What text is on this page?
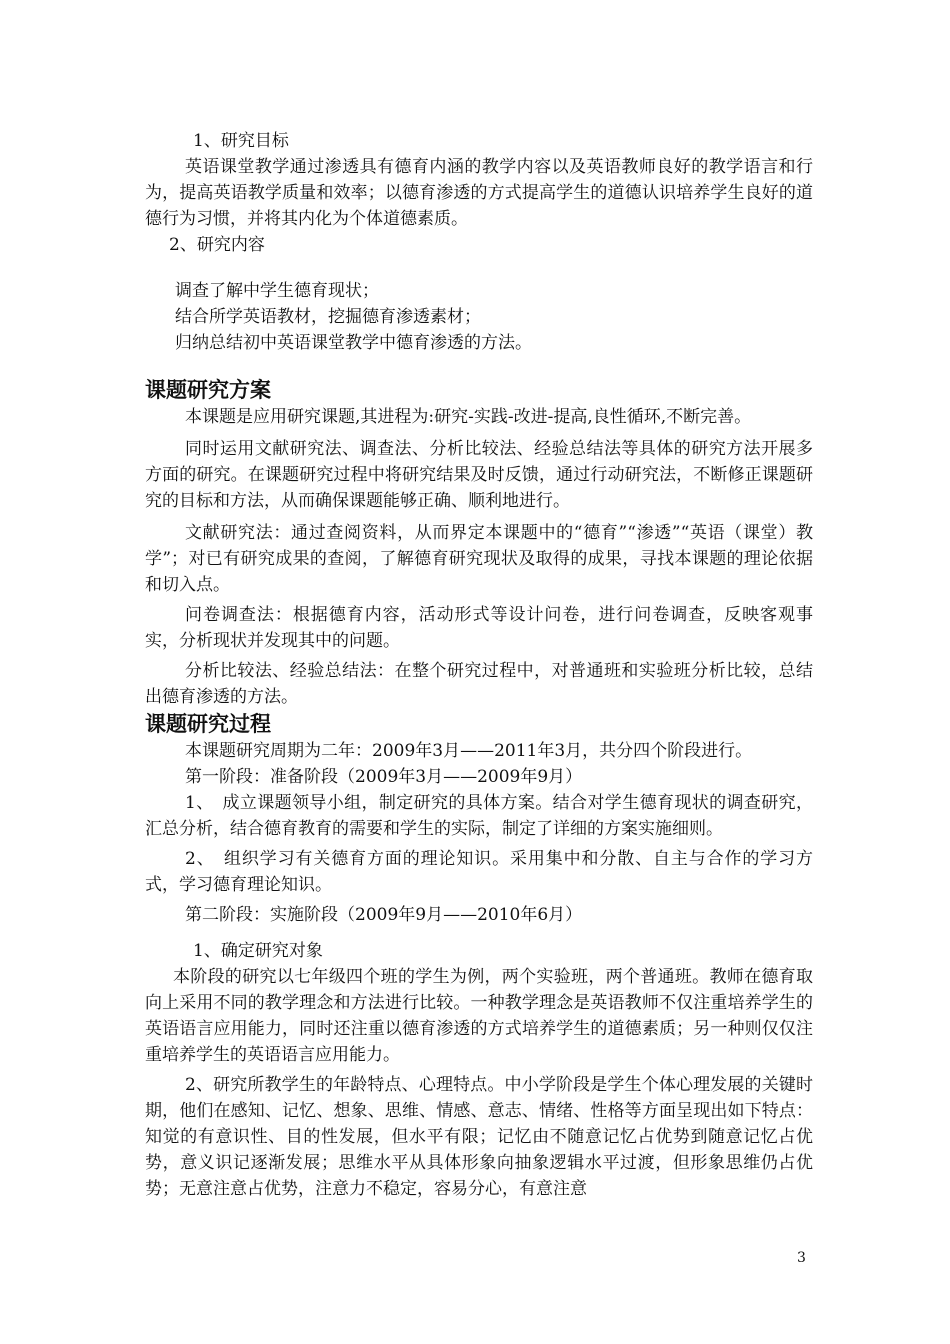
1、研究目标

英语课堂教学通过渗透具有德育内涵的教学内容以及英语教师良好的教学语言和行为，提高英语教学质量和效率；以德育渗透的方式提高学生的道德认识培养学生良好的道德行为习惯，并将其内化为个体道德素质。

2、研究内容

调查了解中学生德育现状；

结合所学英语教材，挖掘德育渗透素材；

归纳总结初中英语课堂教学中德育渗透的方法。

课题研究方案

本课题是应用研究课题,其进程为:研究-实践-改进-提高,良性循环,不断完善。

同时运用文献研究法、调查法、分析比较法、经验总结法等具体的研究方法开展多方面的研究。在课题研究过程中将研究结果及时反馈，通过行动研究法，不断修正课题研究的目标和方法，从而确保课题能够正确、顺利地进行。

文献研究法：通过查阅资料，从而界定本课题中的“德育”“渗透”“英语（课堂）教学”；对已有研究成果的查阅，了解德育研究现状及取得的成果，寻找本课题的理论依据和切入点。

问卷调查法：根据德育内容，活动形式等设计问卷，进行问卷调查，反映客观事实，分析现状并发现其中的问题。

分析比较法、经验总结法：在整个研究过程中，对普通班和实验班分析比较，总结出德育渗透的方法。

课题研究过程

本课题研究周期为二年：2009年3月——2011年3月，共分四个阶段进行。

第一阶段：准备阶段（2009年3月——2009年9月）

1、　成立课题领导小组，制定研究的具体方案。结合对学生德育现状的调查研究，汇总分析，结合德育教育的需要和学生的实际，制定了详细的方案实施细则。

2、　组织学习有关德育方面的理论知识。采用集中和分散、自主与合作的学习方式，学习德育理论知识。

第二阶段：实施阶段（2009年9月——2010年6月）

1、确定研究对象

本阶段的研究以七年级四个班的学生为例，两个实验班，两个普通班。教师在德育取向上采用不同的教学理念和方法进行比较。一种教学理念是英语教师不仅注重培养学生的英语语言应用能力，同时还注重以德育渗透的方式培养学生的道德素质；另一种则仅仅注重培养学生的英语语言应用能力。

2、研究所教学生的年龄特点、心理特点。中小学阶段是学生个体心理发展的关键时期，他们在感知、记忆、想象、思维、情感、意志、情绪、性格等方面呈现出如下特点：知觉的有意识性、目的性发展，但水平有限；记忆由不随意记忆占优势到随意记忆占优势，意义识记逐渐发展；思维水平从具体形象向抽象逻辑水平过渡，但形象思维仍占优势；无意注意占优势，注意力不稳定，容易分心，有意注意

3
